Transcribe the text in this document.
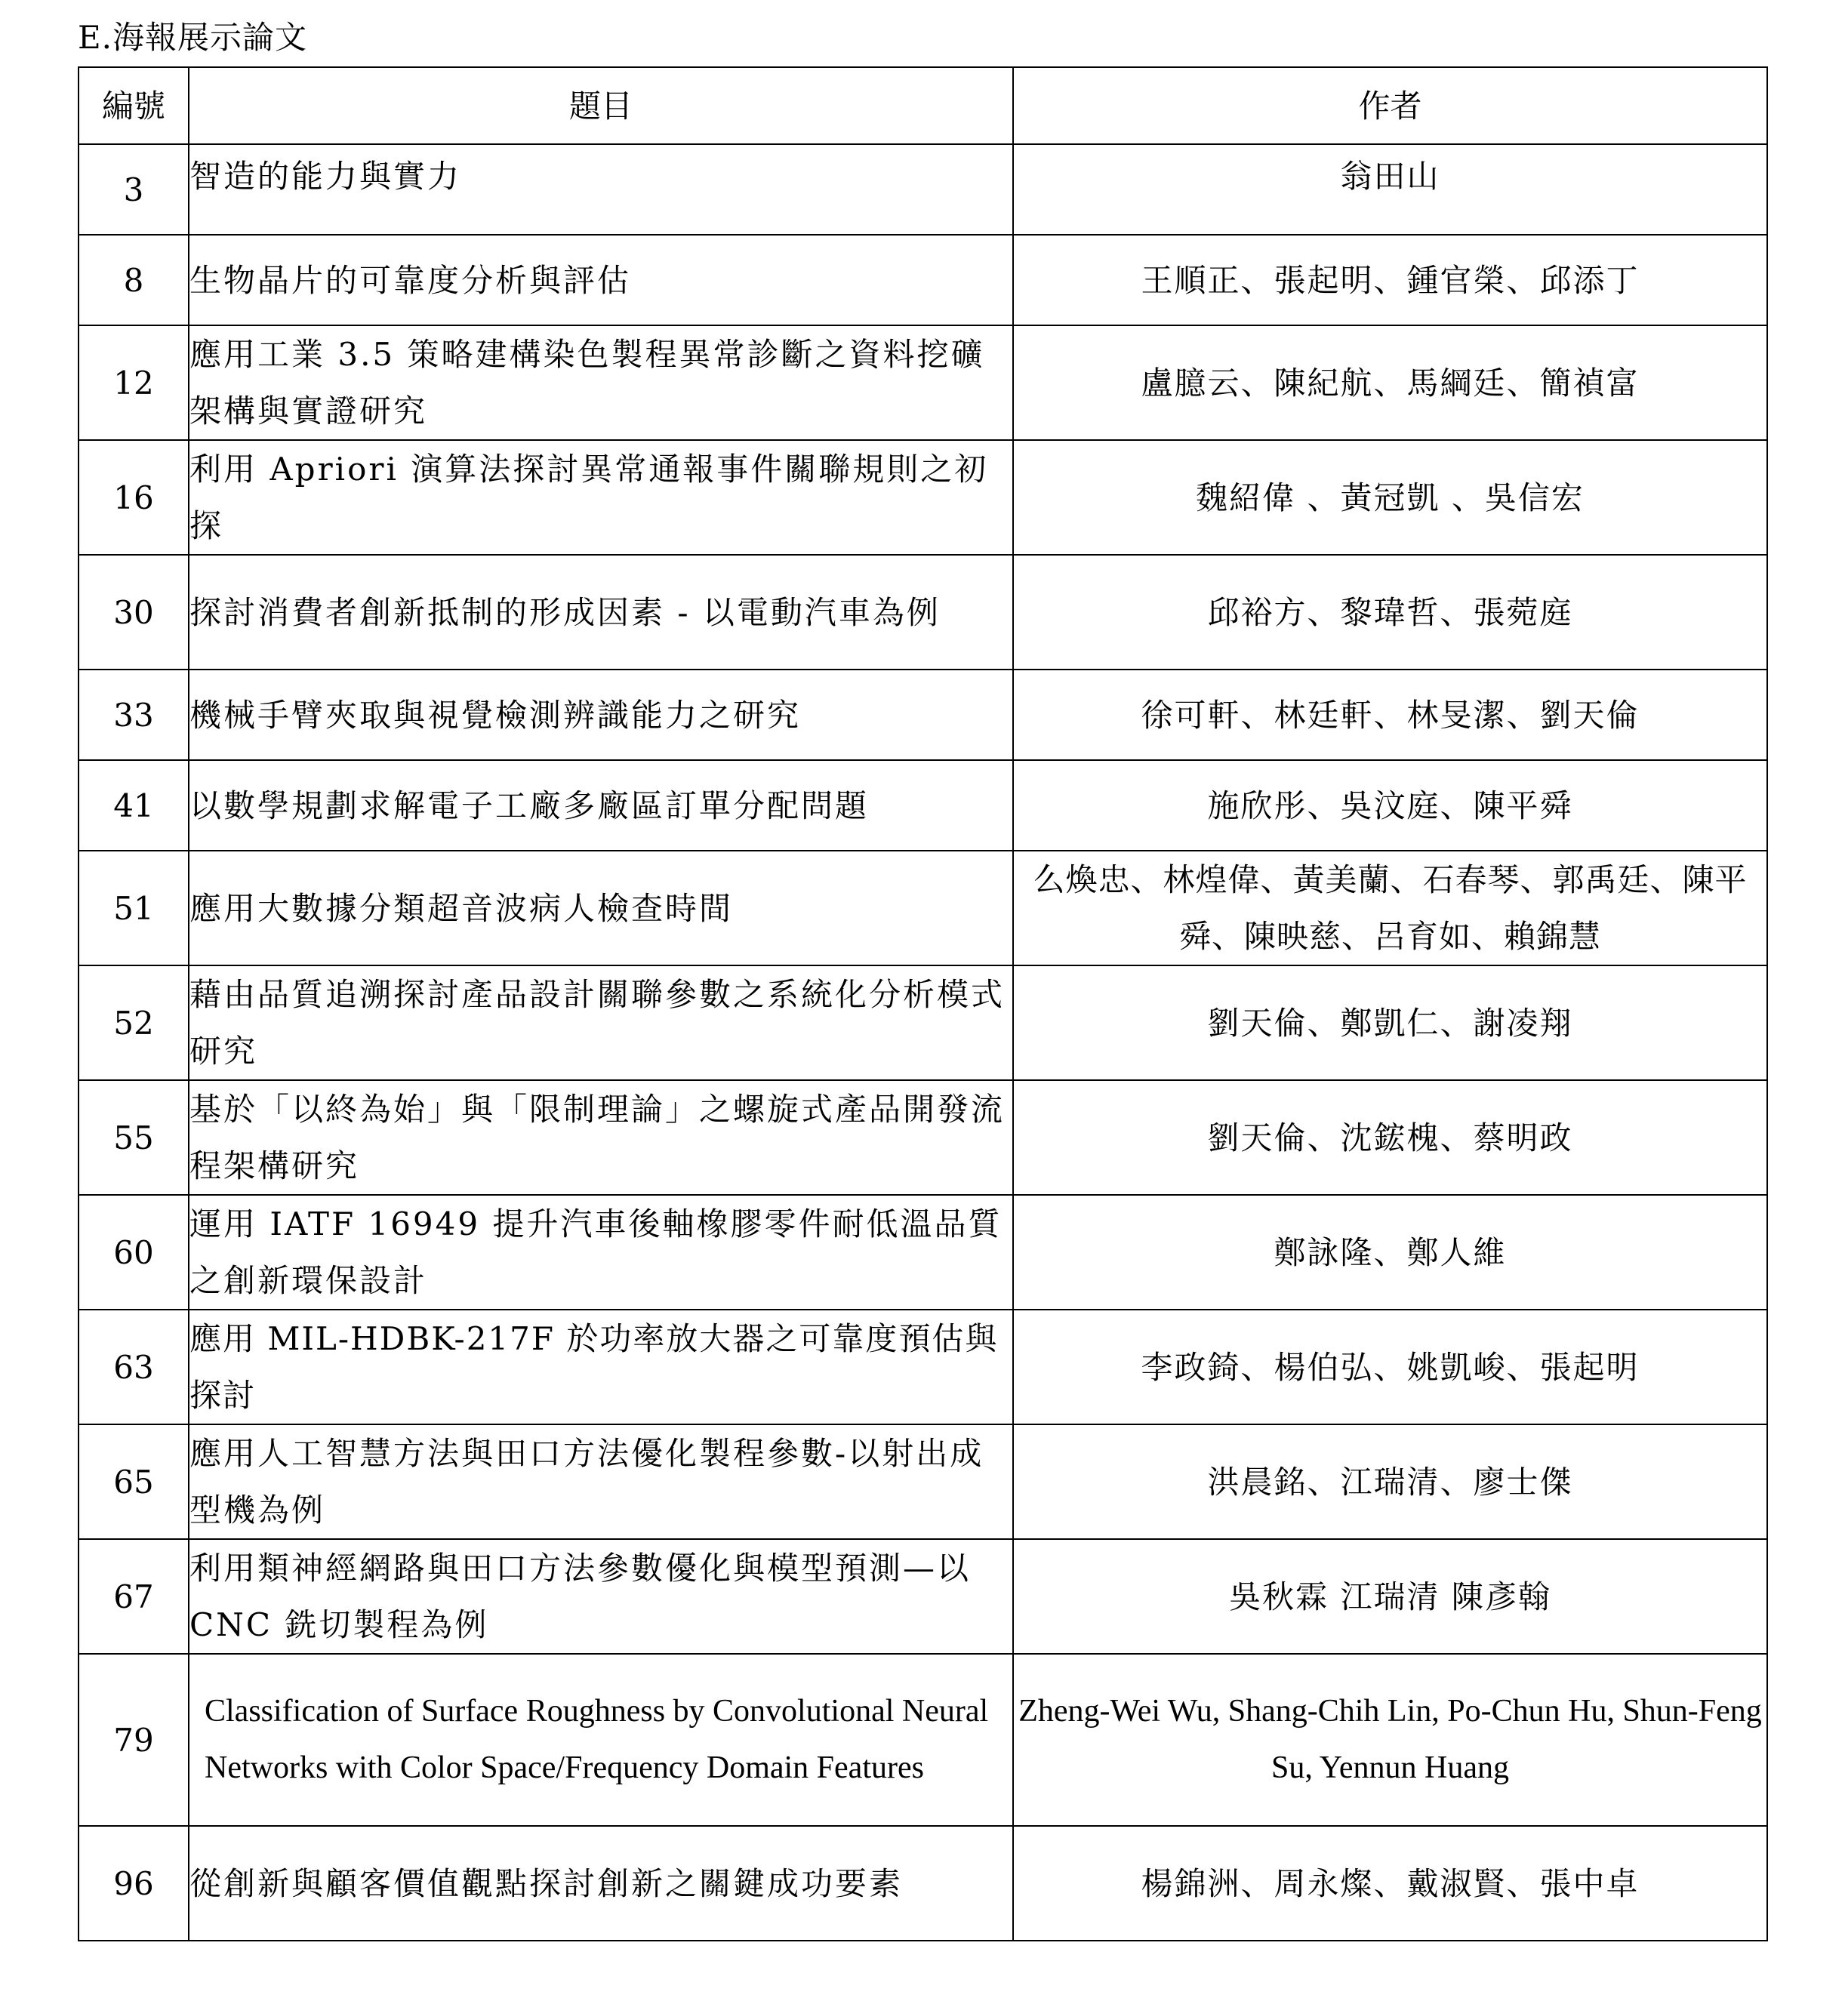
E.海報展示論文
編號	題目	作者
3	智造的能力與實力	翁田山
8	生物晶片的可靠度分析與評估	王順正、張起明、鍾官榮、邱添丁
12	應用工業 3.5 策略建構染色製程異常診斷之資料挖礦架構與實證研究	盧臆云、陳紀航、馬綱廷、簡禎富
16	利用 Apriori 演算法探討異常通報事件關聯規則之初探	魏紹偉 、黃冠凱 、吳信宏
30	探討消費者創新抵制的形成因素 - 以電動汽車為例	邱裕方、黎瑋哲、張菀庭
33	機械手臂夾取與視覺檢測辨識能力之研究	徐可軒、林廷軒、林旻潔、劉天倫
41	以數學規劃求解電子工廠多廠區訂單分配問題	施欣彤、吳汶庭、陳平舜
51	應用大數據分類超音波病人檢查時間	么煥忠、林煌偉、黃美蘭、石春琴、郭禹廷、陳平舜、陳映慈、呂育如、賴錦慧
52	藉由品質追溯探討產品設計關聯參數之系統化分析模式研究	劉天倫、鄭凱仁、謝凌翔
55	基於「以終為始」與「限制理論」之螺旋式產品開發流程架構研究	劉天倫、沈鋐槐、蔡明政
60	運用 IATF 16949 提升汽車後軸橡膠零件耐低溫品質之創新環保設計	鄭詠隆、鄭人維
63	應用 MIL-HDBK-217F 於功率放大器之可靠度預估與探討	李政錡、楊伯弘、姚凱峻、張起明
65	應用人工智慧方法與田口方法優化製程參數-以射出成型機為例	洪晨銘、江瑞清、廖士傑
67	利用類神經網路與田口方法參數優化與模型預測—以 CNC 銑切製程為例	吳秋霖 江瑞清 陳彥翰
79	Classification of Surface Roughness by Convolutional Neural Networks with Color Space/Frequency Domain Features	Zheng-Wei Wu, Shang-Chih Lin, Po-Chun Hu, Shun-Feng Su, Yennun Huang
96	從創新與顧客價值觀點探討創新之關鍵成功要素	楊錦洲、周永燦、戴淑賢、張中卓
